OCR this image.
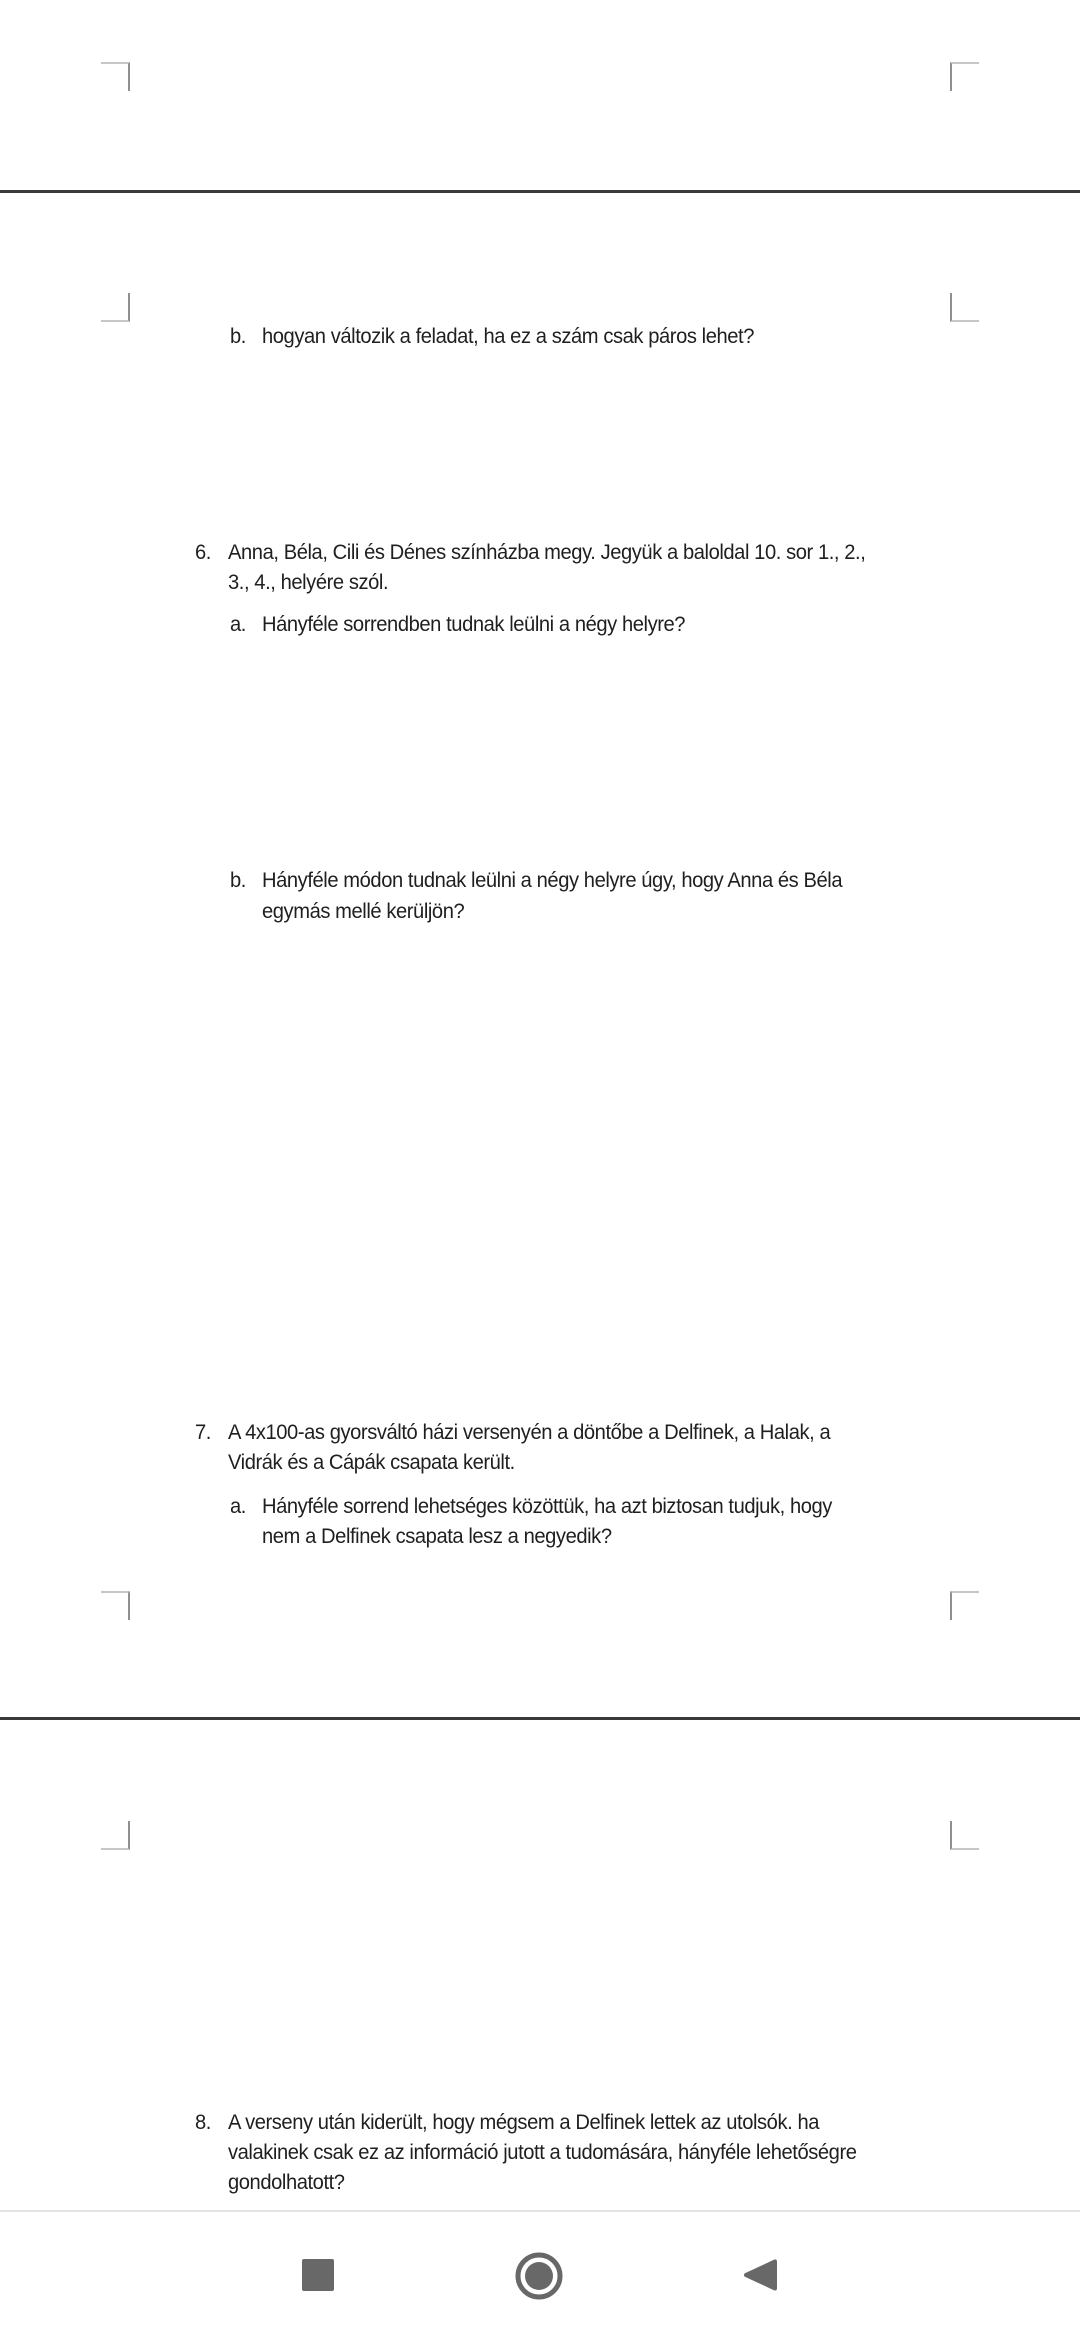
b. hogyan változik a feladat, ha ez a szám csak páros lehet?
6. Anna, Béla, Cili és Dénes színházba megy. Jegyük a baloldal 10. sor 1., 2.,
3., 4., helyére szól.
a. Hányféle sorrendben tudnak leülni a négy helyre?
b. Hányféle módon tudnak leülni a négy helyre úgy, hogy Anna és Béla
egymás mellé kerüljön?
7. A 4x100-as gyorsváltó házi versenyén a döntőbe a Delfinek, a Halak, a
Vidrák és a Cápák csapata került.
a. Hányféle sorrend lehetséges közöttük, ha azt biztosan tudjuk, hogy
nem a Delfinek csapata lesz a negyedik?
8. A verseny után kiderült, hogy mégsem a Delfinek lettek az utolsók. ha
valakinek csak ez az információ jutott a tudomására, hányféle lehetőségre
gondolhatott?
